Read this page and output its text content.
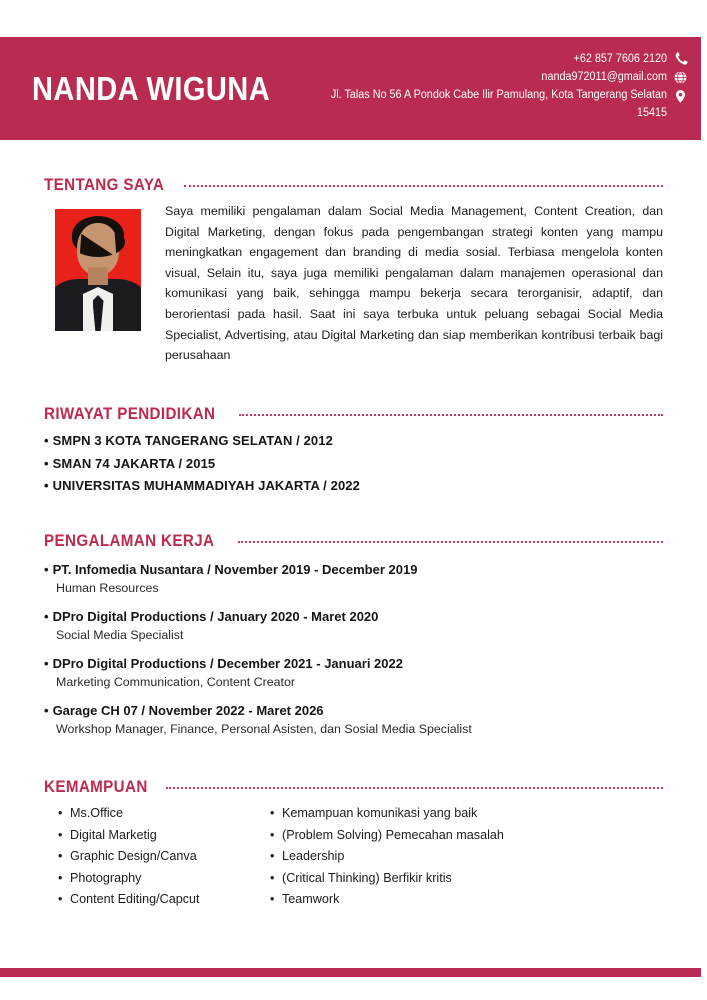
NANDA WIGUNA
+62 857 7606 2120
nanda972011@gmail.com
Jl. Talas No 56 A Pondok Cabe Ilir Pamulang, Kota Tangerang Selatan 15415
TENTANG SAYA
Saya memiliki pengalaman dalam Social Media Management, Content Creation, dan Digital Marketing, dengan fokus pada pengembangan strategi konten yang mampu meningkatkan engagement dan branding di media sosial. Terbiasa mengelola konten visual, Selain itu, saya juga memiliki pengalaman dalam manajemen operasional dan komunikasi yang baik, sehingga mampu bekerja secara terorganisir, adaptif, dan berorientasi pada hasil. Saat ini saya terbuka untuk peluang sebagai Social Media Specialist, Advertising, atau Digital Marketing dan siap memberikan kontribusi terbaik bagi perusahaan
RIWAYAT PENDIDIKAN
• SMPN 3 KOTA TANGERANG SELATAN / 2012
• SMAN 74 JAKARTA / 2015
• UNIVERSITAS MUHAMMADIYAH JAKARTA / 2022
PENGALAMAN KERJA
• PT. Infomedia Nusantara / November 2019 - December 2019
Human Resources
• DPro Digital Productions / January 2020 - Maret 2020
Social Media Specialist
• DPro Digital Productions / December 2021 - Januari 2022
Marketing Communication, Content Creator
• Garage CH 07 / November 2022 - Maret 2026
Workshop Manager, Finance, Personal Asisten, dan Sosial Media Specialist
KEMAMPUAN
• Ms.Office
• Digital Marketig
• Graphic Design/Canva
• Photography
• Content Editing/Capcut
• Kemampuan komunikasi yang baik
• (Problem Solving) Pemecahan masalah
• Leadership
• (Critical Thinking) Berfikir kritis
• Teamwork
